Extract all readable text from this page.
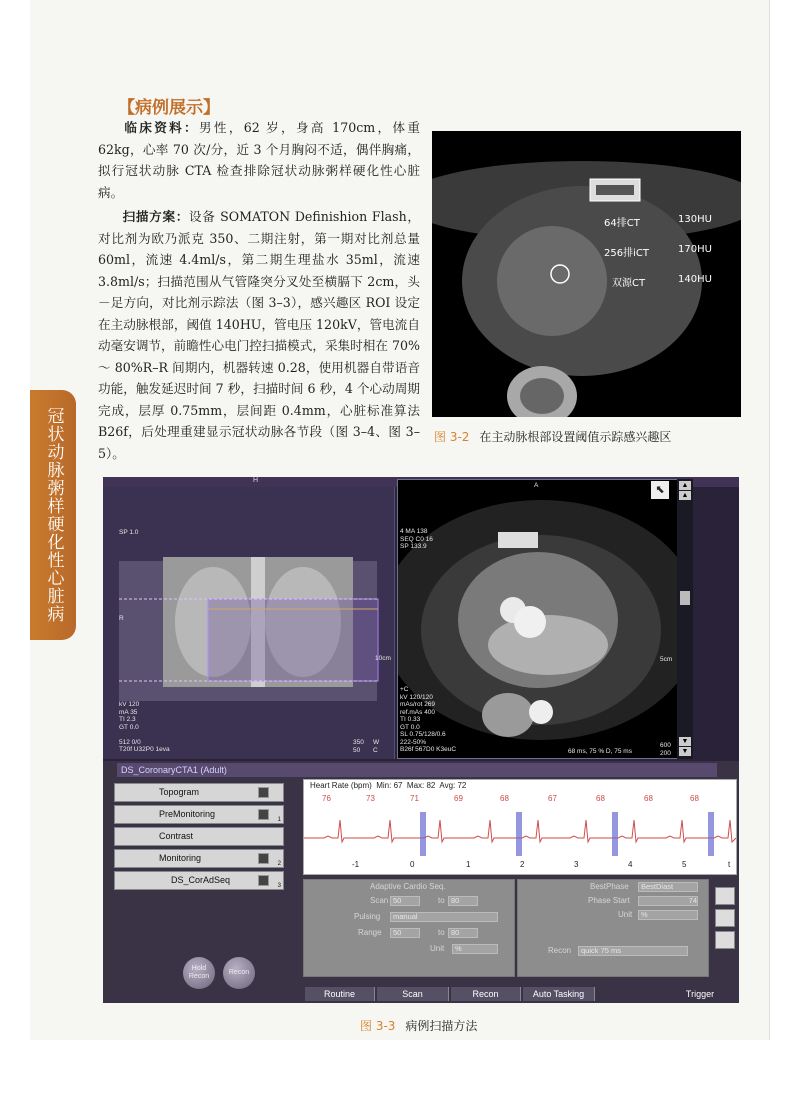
冠状动脉粥样硬化性心脏病
【病例展示】
临床资料：男性，62 岁，身高 170cm，体重 62kg，心率 70 次/分，近 3 个月胸闷不适，偶伴胸痛，拟行冠状动脉 CTA 检查排除冠状动脉粥样硬化性心脏病。
扫描方案：设备 SOMATON Definishion Flash，对比剂为欧乃派克 350、二期注射，第一期对比剂总量 60ml，流速 4.4ml/s，第二期生理盐水 35ml，流速 3.8ml/s；扫描范围从气管隆突分叉处至横膈下 2cm，头－足方向，对比剂示踪法（图 3–3），感兴趣区 ROI 设定在主动脉根部，阈值 140HU，管电压 120kV，管电流自动毫安调节，前瞻性心电门控扫描模式，采集时相在 70% ～ 80%R–R 间期内，机器转速 0.28，使用机器自带语音功能，触发延迟时间 7 秒，扫描时间 6 秒，4 个心动周期完成，层厚 0.75mm，层间距 0.4mm，心脏标准算法 B26f，后处理重建显示冠状动脉各节段（图 3–4、图 3–5）。
64排CT	130HU
256排iCT	170HU
双源CT	140HU
图 3-2 在主动脉根部设置阈值示踪感兴趣区
H
SP 1.0
R
10cm
kV 120
mA 35
TI 2.3
GT 0.0

512 0/0
T20f U32P0 1eva
350
50
W
C
A
4 MA 138
SEQ C0 16
SP 133.9
+C
kV 120/120
mAs/rot 269
ref.mAs 400
TI 0.33
GT 0.0
SL 0.75/128/0.6
222-50%
B26f 567D0 K3euC
5cm
68 ms, 75 % D, 75 ms
600
200
▲
▲
▼
▼
⬉
DS_CoronaryCTA1 (Adult)
Topogram
PreMonitoring
1
Contrast
Monitoring
2
DS_CorAdSeq
3
Heart Rate (bpm)  Min: 67  Max: 82  Avg: 72
76	73	71	69	68	67	68	68	68
-1	0	1	2	3	4	5	t
Adaptive Cardio Seq.
Scan 50	to 80
Pulsing	manual
Range	50	to 80
Unit	%
BestPhase	BestDiast
Phase Start	74
Unit	%
Recon	quick 75 ms
Hold Recon
Recon
Routine	Scan	Recon	Auto Tasking	Trigger
图 3-3 病例扫描方法
